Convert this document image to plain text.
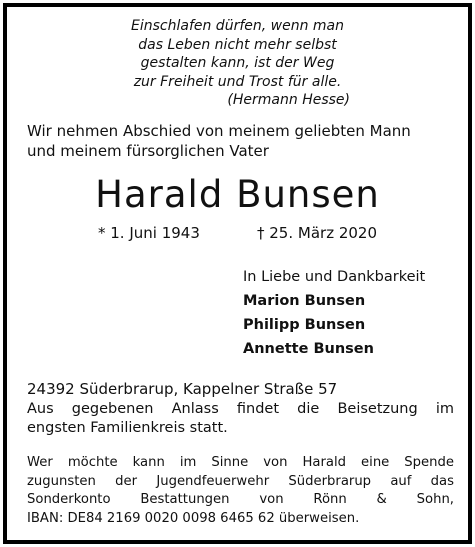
Einschlafen dürfen, wenn man
das Leben nicht mehr selbst
gestalten kann, ist der Weg
zur Freiheit und Trost für alle.
(Hermann Hesse)
Wir nehmen Abschied von meinem geliebten Mann
und meinem fürsorglichen Vater
Harald Bunsen
* 1. Juni 1943	† 25. März 2020
In Liebe und Dankbarkeit
Marion Bunsen
Philipp Bunsen
Annette Bunsen
24392 Süderbrarup, Kappelner Straße 57
Aus gegebenen Anlass findet die Beisetzung im
engsten Familienkreis statt.
Wer möchte kann im Sinne von Harald eine Spende
zugunsten der Jugendfeuerwehr Süderbrarup auf das
Sonderkonto Bestattungen von Rönn & Sohn,
IBAN: DE84 2169 0020 0098 6465 62 überweisen.
